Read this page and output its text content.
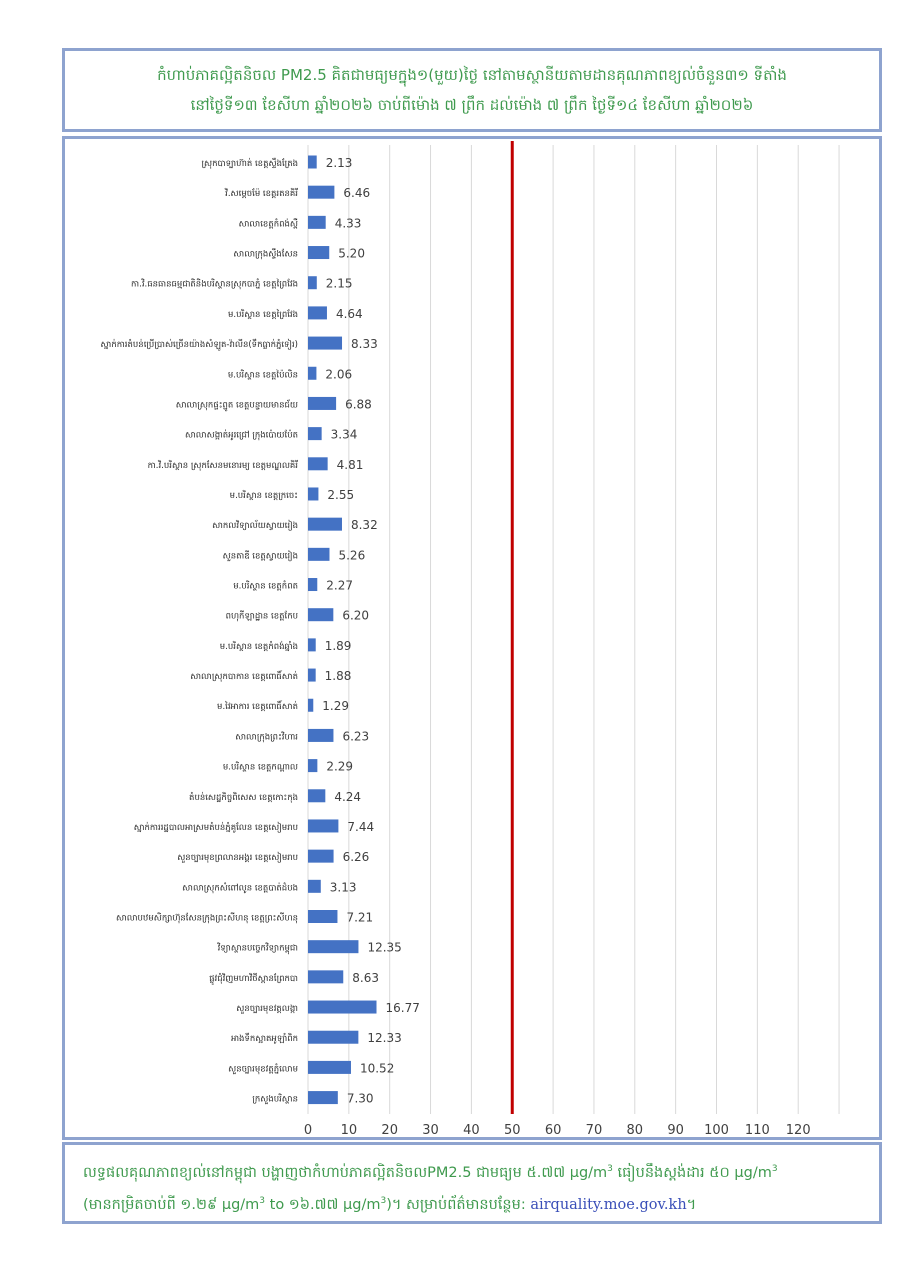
កំហាប់ភាគល្អិតនិចល PM2.5 គិតជាមធ្យមក្នុង១(មួយ)ថ្ងៃ នៅតាមស្ថានីយតាមដានគុណភាពខ្យល់ចំនួន៣១ ទីតាំង
នៅថ្ងៃទី១៣ ខែសីហា ឆ្នាំ២០២៦ ចាប់ពីម៉ោង ៧ ព្រឹក ដល់ម៉ោង ៧ ព្រឹក ថ្ងៃទី១៤ ខែសីហា ឆ្នាំ២០២៦
0 10 20 30 40 50 60 70 80 90 100 110 120
ស្រុកបាទ្បាហ៊ាត់ ខេត្តស្ទឹងត្រែង 2.13
វិ.សម្ដេចម៉ែ ខេត្តរតនគិរី	6.46
សាលាខេត្តកំពង់ស្ពឺ	4.33
សាលាក្រុងស្ទឹងសែន	5.20
កា.វិ.ធនធានធម្មជាតិនិងបរិស្ថានស្រុកបាភ្នំ ខេត្តព្រៃវែង 2.15
ម.បរិស្ថាន ខេត្តព្រៃវែង	4.64
ស្នាក់ការតំបន់ប្រើប្រាស់ច្រើនយ៉ាងសំឡូត-វ៉ាលីន(ទឹកធ្លាក់ភ្នំទៀរ)	8.33
ម.បរិស្ថាន ខេត្តប៉ៃលិន 2.06
សាលាស្រុកផ្ទះព្នូត ខេត្តបន្ទាយមានជ័យ	6.88
សាលាសង្កាត់អូរជ្រៅ ក្រុងប៉ោយប៉ែត	3.34
កា.វិ.បរិស្ថាន ស្រុកសែនមនោរម្យ ខេត្តមណ្ឌលគិរី	4.81
ម.បរិស្ថាន ខេត្តក្រចេះ 2.55
សាកលវិទ្យាល័យស្វាយរៀង	8.32
សួនតាឌី ខេត្តស្វាយរៀង	5.26
ម.បរិស្ថាន ខេត្តកំពត 2.27
ពហុកីឡាដ្ឋាន ខេត្តកែប	6.20
ម.បរិស្ថាន ខេត្តកំពង់ឆ្នាំង 1.89
សាលាស្រុកបាកាន ខេត្តពោធិ៍សាត់ 1.88
ម.វៃអាការ ខេត្តពោធិ៍សាត់ 1.29
សាលាក្រុងព្រះវិហារ	6.23
ម.បរិស្ថាន ខេត្តកណ្ដាល 2.29
តំបន់សេដ្ឋកិច្ចពិសេស ខេត្តកោះកុង	4.24
ស្នាក់ការរដ្ឋបាលអាស្រមតំបន់ភ្នំគូលែន ខេត្តសៀមរាប	7.44
សួនច្បារមុខព្រលានអង្គរ ខេត្តសៀមរាប	6.26
សាលាស្រុកសំពៅលូន ខេត្តបាត់ដំបង	3.13
សាលាបឋមសិក្សាហ៊ុនសែនក្រុងព្រះសីហនុ ខេត្តព្រះសីហនុ	7.21
វិទ្យាស្ថានបច្ចេកវិទ្យាកម្ពុជា	12.35
ផ្លូវជុំវិញមហាវិថីស្ពានព្រែកបា	8.63
សួនច្បារមុខវត្តលង្កា	16.77
អាងទឹកស្អាតអូឡាំពិក	12.33
សួនច្បារមុខវត្តភ្នំលោម	10.52
ក្រសួងបរិស្ថាន	7.30
លទ្ធផលគុណភាពខ្យល់នៅកម្ពុជា បង្ហាញថាកំហាប់ភាគល្អិតនិចលPM2.5 ជាមធ្យម ៥.៧៧ $\mu g/m^3$ ធៀបនឹងស្តង់ដារ ៥០ $\mu g/m^3$
(មានកម្រិតចាប់ពី ១.២៩ $\mu g/m^3$ to ១៦.៧៧ $\mu g/m^3$)។ សម្រាប់ព័ត៌មានបន្ថែម: airquality.moe.gov.kh។
